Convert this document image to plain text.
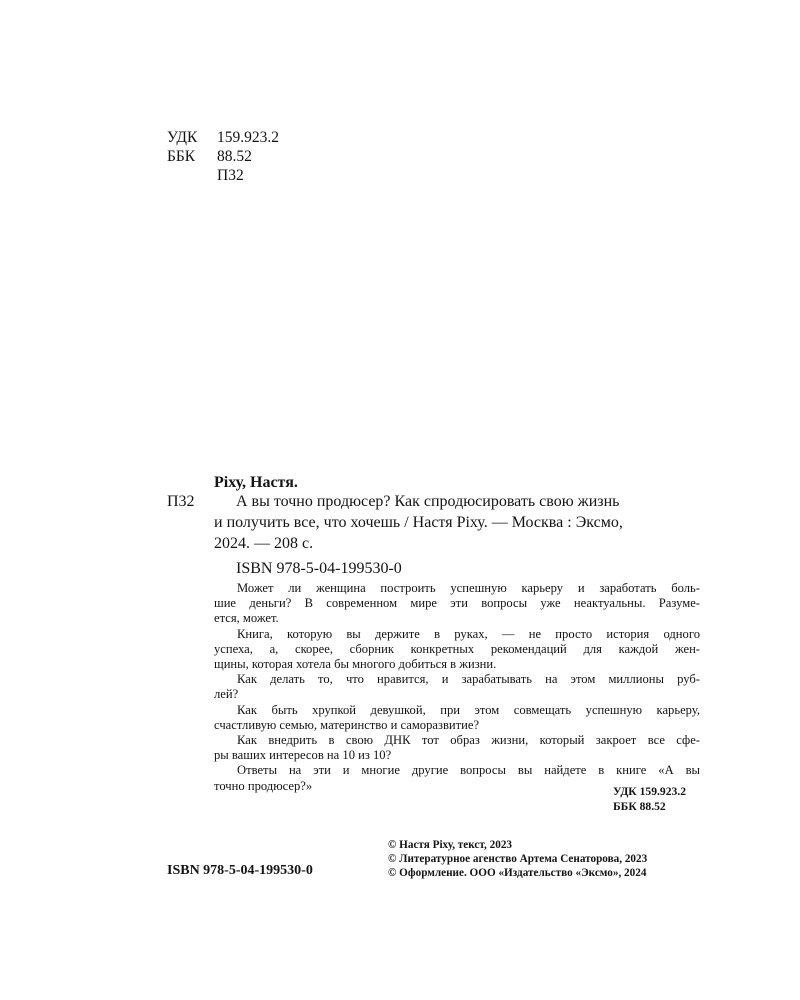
УДК 159.923.2
ББК 88.52
П32
Ріху, Настя.
П32	А вы точно продюсер? Как спродюсировать свою жизнь
и получить все, что хочешь / Настя Ріху. — Москва : Эксмо,
2024. — 208 с.
ISBN 978-5-04-199530-0

Может ли женщина построить успешную карьеру и заработать боль-
шие деньги? В современном мире эти вопросы уже неактуальны. Разуме-
ется, может.

Книга, которую вы держите в руках, — не просто история одного
успеха, а, скорее, сборник конкретных рекомендаций для каждой жен-
щины, которая хотела бы многого добиться в жизни.

Как делать то, что нравится, и зарабатывать на этом миллионы руб-
лей?

Как быть хрупкой девушкой, при этом совмещать успешную карьеру,
счастливую семью, материнство и саморазвитие?

Как внедрить в свою ДНК тот образ жизни, который закроет все сфе-
ры ваших интересов на 10 из 10?

Ответы на эти и многие другие вопросы вы найдете в книге «А вы
точно продюсер?»	УДК 159.923.2
ББК 88.52
© Настя Ріху, текст, 2023
© Литературное агенство Артема Сенаторова, 2023
© Оформление. ООО «Издательство «Эксмо», 2024
ISBN 978-5-04-199530-0
